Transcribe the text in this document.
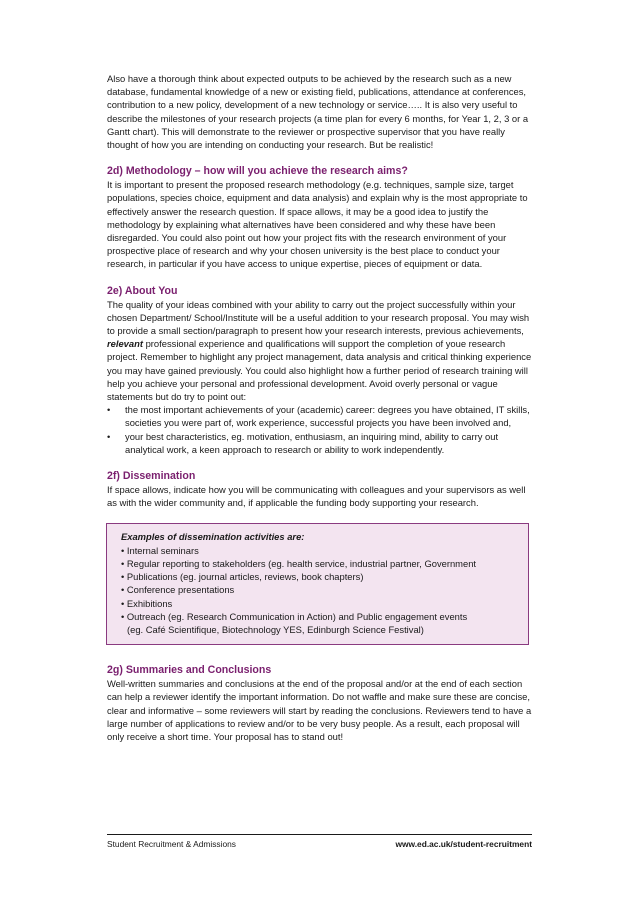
Also have a thorough think about expected outputs to be achieved by the research such as a new database, fundamental knowledge of a new or existing field, publications, attendance at conferences, contribution to a new policy, development of a new technology or service….. It is also very useful to describe the milestones of your research projects (a time plan for every 6 months, for Year 1, 2, 3 or a Gantt chart). This will demonstrate to the reviewer or prospective supervisor that you have really thought of how you are intending on conducting your research. But be realistic!

2d) Methodology – how will you achieve the research aims?

It is important to present the proposed research methodology (e.g. techniques, sample size, target populations, species choice, equipment and data analysis) and explain why is the most appropriate to effectively answer the research question. If space allows, it may be a good idea to justify the methodology by explaining what alternatives have been considered and why these have been disregarded. You could also point out how your project fits with the research environment of your prospective place of research and why your chosen university is the best place to conduct your research, in particular if you have access to unique expertise, pieces of equipment or data.

2e) About You

The quality of your ideas combined with your ability to carry out the project successfully within your chosen Department/ School/Institute will be a useful addition to your research proposal. You may wish to provide a small section/paragraph to present how your research interests, previous achievements, relevant professional experience and qualifications will support the completion of youe research project. Remember to highlight any project management, data analysis and critical thinking experience you may have gained previously. You could also highlight how a further period of research training will help you achieve your personal and professional development. Avoid overly personal or vague statements but do try to point out:

• the most important achievements of your (academic) career: degrees you have obtained, IT skills, societies you were part of, work experience, successful projects you have been involved and,
• your best characteristics, eg. motivation, enthusiasm, an inquiring mind, ability to carry out analytical work, a keen approach to research or ability to work independently.
2f) Dissemination

If space allows, indicate how you will be communicating with colleagues and your supervisors as well as with the wider community and, if applicable the funding body supporting your research.

Examples of dissemination activities are:
• Internal seminars
• Regular reporting to stakeholders (eg. health service, industrial partner, Government
• Publications (eg. journal articles, reviews, book chapters)
• Conference presentations
• Exhibitions
• Outreach (eg. Research Communication in Action) and Public engagement events
(eg. Café Scientifique, Biotechnology YES, Edinburgh Science Festival)
2g) Summaries and Conclusions

Well-written summaries and conclusions at the end of the proposal and/or at the end of each section can help a reviewer identify the important information. Do not waffle and make sure these are concise, clear and informative – some reviewers will start by reading the conclusions. Reviewers tend to have a large number of applications to review and/or to be very busy people. As a result, each proposal will only receive a short time. Your proposal has to stand out!

Student Recruitment & Admissions	www.ed.ac.uk/student-recruitment
